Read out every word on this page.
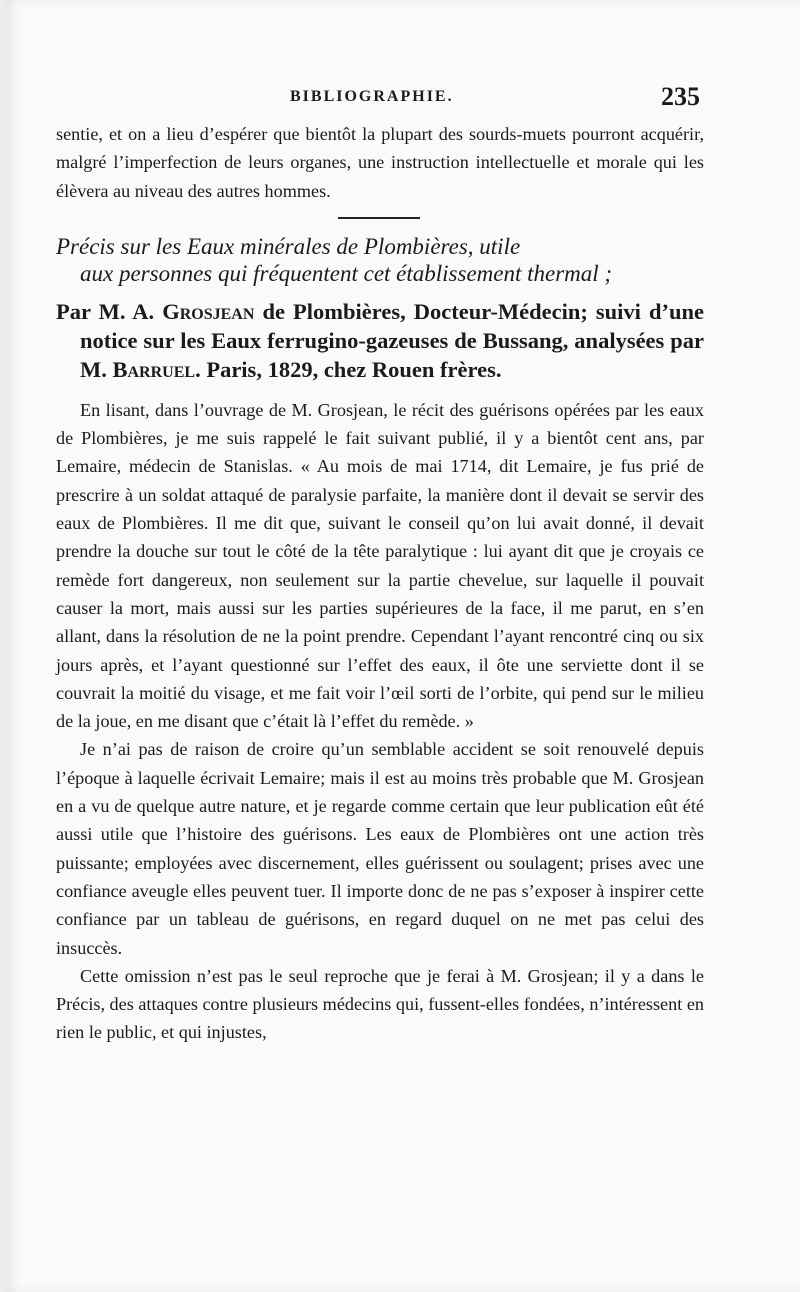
BIBLIOGRAPHIE.	235

sentie, et on a lieu d’espérer que bientôt la plupart des sourds-muets pourront acquérir, malgré l’imperfection de leurs organes, une instruction intellectuelle et morale qui les élèvera au niveau des autres hommes.

Précis sur les Eaux minérales de Plombières, utile
aux personnes qui fréquentent cet établissement thermal ;
Par M. A. Grosjean de Plombières, Docteur-Médecin; suivi d’une notice sur les Eaux ferrugino-gazeuses de Bussang, analysées par M. Barruel. Paris, 1829, chez Rouen frères.

En lisant, dans l’ouvrage de M. Grosjean, le récit des guérisons opérées par les eaux de Plombières, je me suis rappelé le fait suivant publié, il y a bientôt cent ans, par Lemaire, médecin de Stanislas. « Au mois de mai 1714, dit Lemaire, je fus prié de prescrire à un soldat attaqué de paralysie parfaite, la manière dont il devait se servir des eaux de Plombières. Il me dit que, suivant le conseil qu’on lui avait donné, il devait prendre la douche sur tout le côté de la tête paralytique : lui ayant dit que je croyais ce remède fort dangereux, non seulement sur la partie chevelue, sur laquelle il pouvait causer la mort, mais aussi sur les parties supérieures de la face, il me parut, en s’en allant, dans la résolution de ne la point prendre. Cependant l’ayant rencontré cinq ou six jours après, et l’ayant questionné sur l’effet des eaux, il ôte une serviette dont il se couvrait la moitié du visage, et me fait voir l’œil sorti de l’orbite, qui pend sur le milieu de la joue, en me disant que c’était là l’effet du remède. »

Je n’ai pas de raison de croire qu’un semblable accident se soit renouvelé depuis l’époque à laquelle écrivait Lemaire; mais il est au moins très probable que M. Grosjean en a vu de quelque autre nature, et je regarde comme certain que leur publication eût été aussi utile que l’histoire des guérisons. Les eaux de Plombières ont une action très puissante; employées avec discernement, elles guérissent ou soulagent; prises avec une confiance aveugle elles peuvent tuer. Il importe donc de ne pas s’exposer à inspirer cette confiance par un tableau de guérisons, en regard duquel on ne met pas celui des insuccès.

Cette omission n’est pas le seul reproche que je ferai à M. Grosjean; il y a dans le Précis, des attaques contre plusieurs médecins qui, fussent-elles fondées, n’intéressent en rien le public, et qui injustes,
